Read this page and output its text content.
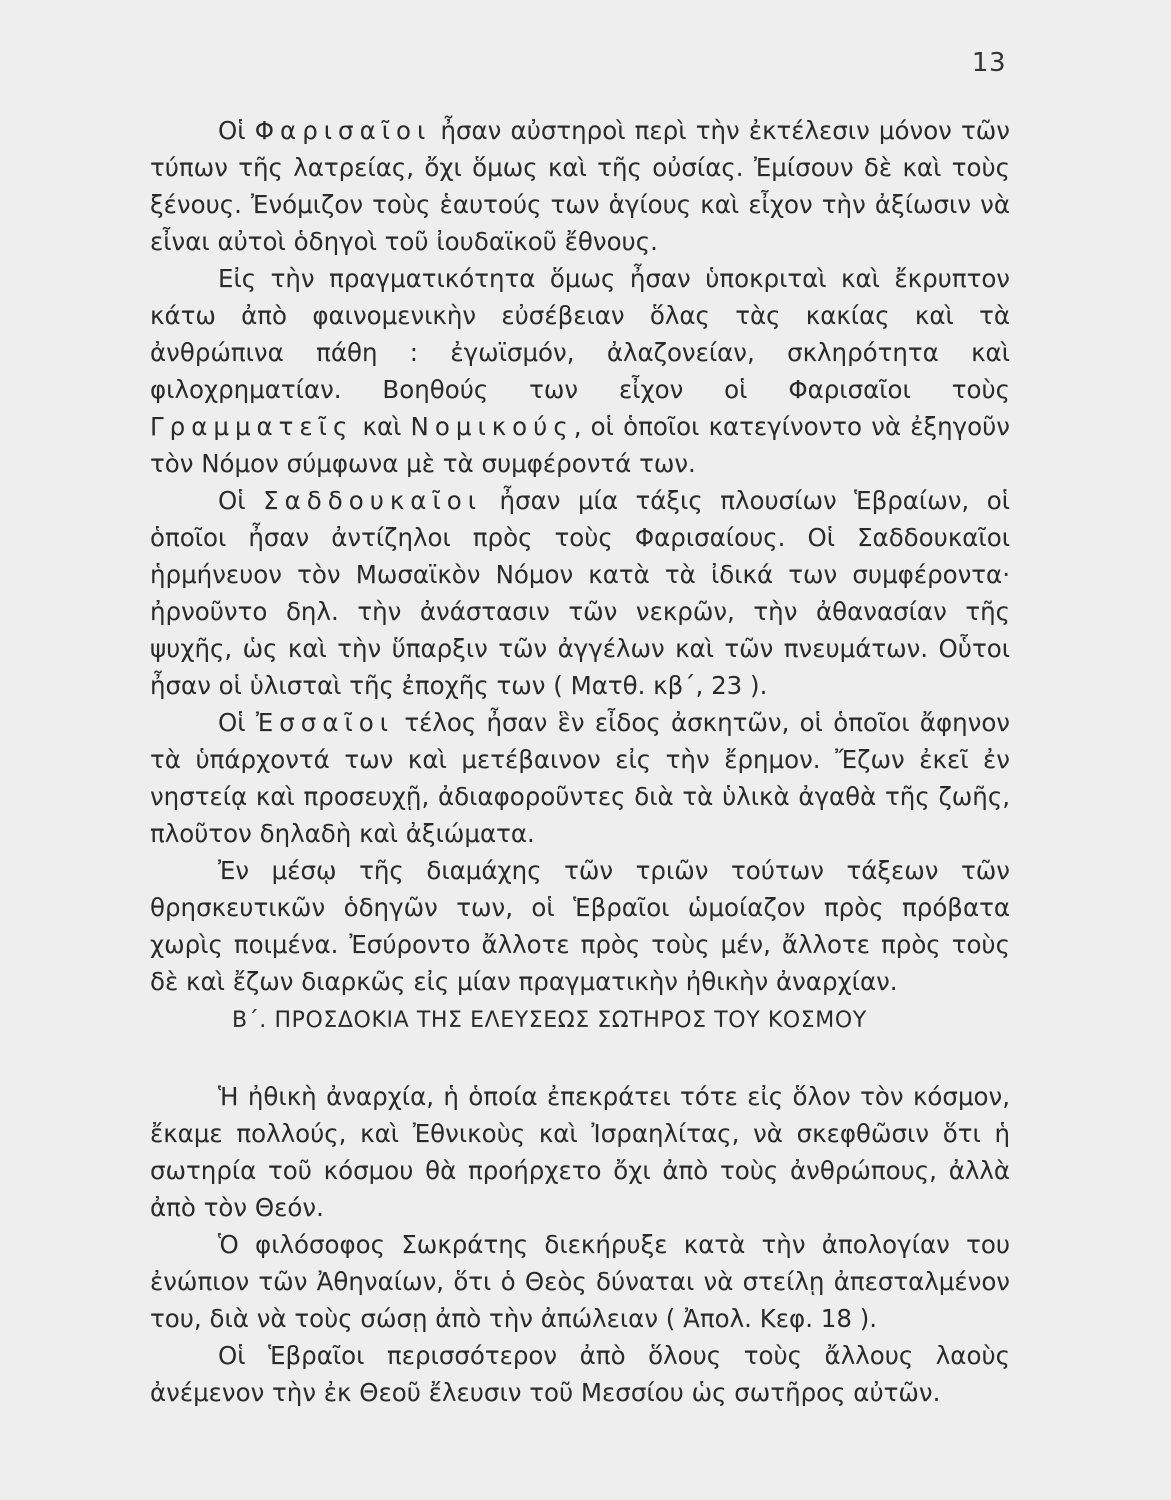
13

Οἱ Φαρισαῖοι ἦσαν αὐστηροὶ περὶ τὴν ἐκτέλεσιν μόνον τῶν τύπων τῆς λατρείας, ὄχι ὅμως καὶ τῆς οὐσίας. Ἐμίσουν δὲ καὶ τοὺς ξένους. Ἐνόμιζον τοὺς ἑαυτούς των ἁγίους καὶ εἶχον τὴν ἀξίωσιν νὰ εἶναι αὐτοὶ ὁδηγοὶ τοῦ ἰουδαϊκοῦ ἔθνους.

Εἰς τὴν πραγματικότητα ὅμως ἦσαν ὑποκριταὶ καὶ ἔκρυπτον κάτω ἀπὸ φαινομενικὴν εὐσέβειαν ὅλας τὰς κακίας καὶ τὰ ἀνθρώπινα πάθη : ἐγωϊσμόν, ἀλαζονείαν, σκληρότητα καὶ φιλοχρηματίαν. Βοηθούς των εἶχον οἱ Φαρισαῖοι τοὺς Γραμματεῖς καὶ Νομικούς, οἱ ὁποῖοι κατεγίνοντο νὰ ἐξηγοῦν τὸν Νόμον σύμφωνα μὲ τὰ συμφέροντά των.

Οἱ Σαδδουκαῖοι ἦσαν μία τάξις πλουσίων Ἑβραίων, οἱ ὁποῖοι ἦσαν ἀντίζηλοι πρὸς τοὺς Φαρισαίους. Οἱ Σαδδουκαῖοι ἡρμήνευον τὸν Μωσαϊκὸν Νόμον κατὰ τὰ ἰδικά των συμφέροντα· ἠρνοῦντο δηλ. τὴν ἀνάστασιν τῶν νεκρῶν, τὴν ἀθανασίαν τῆς ψυχῆς, ὡς καὶ τὴν ὕπαρξιν τῶν ἀγγέλων καὶ τῶν πνευμάτων. Οὗτοι ἦσαν οἱ ὑλισταὶ τῆς ἐποχῆς των ( Ματθ. κβ΄, 23 ).

Οἱ Ἐσσαῖοι τέλος ἦσαν ἓν εἶδος ἀσκητῶν, οἱ ὁποῖοι ἄφηνον τὰ ὑπάρχοντά των καὶ μετέβαινον εἰς τὴν ἔρημον. Ἔζων ἐκεῖ ἐν νηστείᾳ καὶ προσευχῇ, ἀδιαφοροῦντες διὰ τὰ ὑλικὰ ἀγαθὰ τῆς ζωῆς, πλοῦτον δηλαδὴ καὶ ἀξιώματα.

Ἐν μέσῳ τῆς διαμάχης τῶν τριῶν τούτων τάξεων τῶν θρησκευτικῶν ὁδηγῶν των, οἱ Ἑβραῖοι ὡμοίαζον πρὸς πρόβατα χωρὶς ποιμένα. Ἐσύροντο ἄλλοτε πρὸς τοὺς μέν, ἄλλοτε πρὸς τοὺς δὲ καὶ ἔζων διαρκῶς εἰς μίαν πραγματικὴν ἠθικὴν ἀναρχίαν.

Β΄. ΠΡΟΣΔΟΚΙΑ ΤΗΣ ΕΛΕΥΣΕΩΣ ΣΩΤΗΡΟΣ ΤΟΥ ΚΟΣΜΟΥ

Ἡ ἠθικὴ ἀναρχία, ἡ ὁποία ἐπεκράτει τότε εἰς ὅλον τὸν κόσμον, ἔκαμε πολλούς, καὶ Ἐθνικοὺς καὶ Ἰσραηλίτας, νὰ σκεφθῶσιν ὅτι ἡ σωτηρία τοῦ κόσμου θὰ προήρχετο ὄχι ἀπὸ τοὺς ἀνθρώπους, ἀλλὰ ἀπὸ τὸν Θεόν.

Ὁ φιλόσοφος Σωκράτης διεκήρυξε κατὰ τὴν ἀπολογίαν του ἐνώπιον τῶν Ἀθηναίων, ὅτι ὁ Θεὸς δύναται νὰ στείλῃ ἀπεσταλμένον του, διὰ νὰ τοὺς σώσῃ ἀπὸ τὴν ἀπώλειαν ( Ἀπολ. Κεφ. 18 ).

Οἱ Ἑβραῖοι περισσότερον ἀπὸ ὅλους τοὺς ἄλλους λαοὺς ἀνέμενον τὴν ἐκ Θεοῦ ἔλευσιν τοῦ Μεσσίου ὡς σωτῆρος αὐτῶν.
